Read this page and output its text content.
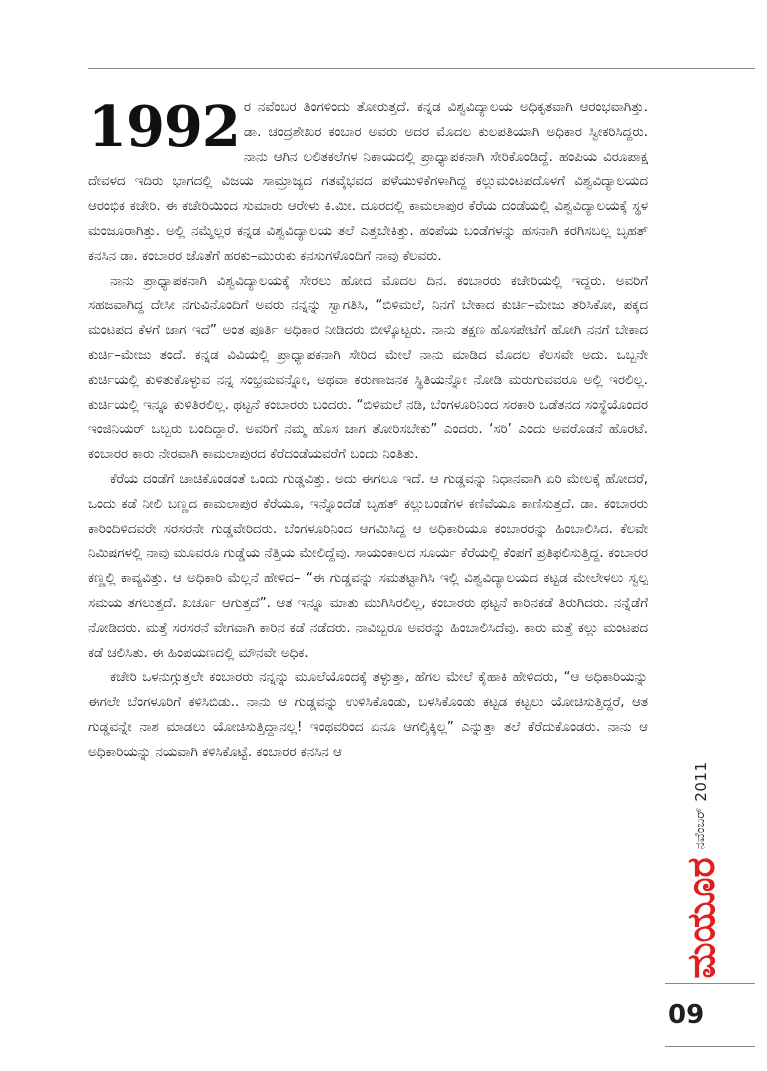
1992 ರ ನವೆಂಬರ ತಿಂಗಳಿಂದು ತೋರುತ್ತದೆ. ಕನ್ನಡ ವಿಶ್ವವಿದ್ಯಾಲಯ ಅಧಿಕೃತವಾಗಿ ಆರಂಭವಾಗಿತ್ತು. ಡಾ. ಚಂದ್ರಶೇಖರ ಕಂಬಾರ ಅವರು ಅದರ ಮೊದಲ ಕುಲಪತಿಯಾಗಿ ಅಧಿಕಾರ ಸ್ವೀಕರಿಸಿದ್ದರು. ನಾನು ಆಗಿನ ಲಲಿತಕಲೆಗಳ ನಿಕಾಯದಲ್ಲಿ ಪ್ರಾಧ್ಯಾಪಕನಾಗಿ ಸೇರಿಕೊಂಡಿದ್ದೆ. ಹಂಪಿಯ ವಿರೂಪಾಕ್ಷ ದೇವಳದ ಇದಿರು ಭಾಗದಲ್ಲಿ ವಿಜಯ ಸಾಮ್ರಾಜ್ಯದ ಗತವೈಭವದ ಪಳೆಯುಳಿಕೆಗಳಾಗಿದ್ದ ಕಲ್ಲುಮಂಟಪದೊಳಗೆ ವಿಶ್ವವಿದ್ಯಾಲಯದ ಆರಂಭಿಕ ಕಚೇರಿ. ಈ ಕಚೇರಿಯಿಂದ ಸುಮಾರು ಆರೇಳು ಕಿ.ಮೀ. ದೂರದಲ್ಲಿ ಕಾಮಲಾಪುರ ಕೆರೆಯ ದಂಡೆಯಲ್ಲಿ ವಿಶ್ವವಿದ್ಯಾಲಯಕ್ಕೆ ಸ್ಥಳ ಮಂಜೂರಾಗಿತ್ತು. ಅಲ್ಲಿ ನಮ್ಮೆಲ್ಲರ ಕನ್ನಡ ವಿಶ್ವವಿದ್ಯಾಲಯ ತಲೆ ಎತ್ತಬೇಕಿತ್ತು. ಹಂಪೆಯ ಬಂಡೆಗಳನ್ನು ಹಸನಾಗಿ ಕರಗಿಸಬಲ್ಲ ಬೃಹತ್ ಕನಸಿನ ಡಾ. ಕಂಬಾರರ ಜೊತೆಗೆ ಹರಕು–ಮುರುಕು ಕನಸುಗಳೊಂದಿಗೆ ನಾವು ಕೆಲವರು.

ನಾನು ಪ್ರಾಧ್ಯಾಪಕನಾಗಿ ವಿಶ್ವವಿದ್ಯಾಲಯಕ್ಕೆ ಸೇರಲು ಹೋದ ಮೊದಲ ದಿನ. ಕಂಬಾರರು ಕಚೇರಿಯಲ್ಲಿ ಇದ್ದರು. ಅವರಿಗೆ ಸಹಜವಾಗಿದ್ದ ದೇಸೀ ನಗುವಿನೊಂದಿಗೆ ಅವರು ನನ್ನನ್ನು ಸ್ವಾಗತಿಸಿ, “ಬಿಳಿಮಲೆ, ನಿನಗೆ ಬೇಕಾದ ಕುರ್ಚಿ–ಮೇಜು ತರಿಸಿಕೋ, ಪಕ್ಕದ ಮಂಟಪದ ಕೆಳಗೆ ಜಾಗ ಇದೆ” ಅಂತ ಪೂರ್ತಿ ಅಧಿಕಾರ ನೀಡಿದರು ಬೀಳ್ಕೊಟ್ಟರು. ನಾನು ತಕ್ಷಣ ಹೊಸಪೇಟೆಗೆ ಹೋಗಿ ನನಗೆ ಬೇಕಾದ ಕುರ್ಚಿ–ಮೇಜು ತಂದೆ. ಕನ್ನಡ ವಿವಿಯಲ್ಲಿ ಪ್ರಾಧ್ಯಾಪಕನಾಗಿ ಸೇರಿದ ಮೇಲೆ ನಾನು ಮಾಡಿದ ಮೊದಲ ಕೆಲಸವೇ ಅದು. ಒಬ್ಬನೇ ಕುರ್ಚಿಯಲ್ಲಿ ಕುಳಿತುಕೊಳ್ಳುವ ನನ್ನ ಸಂಭ್ರಮವನ್ನೋ, ಅಥವಾ ಕರುಣಾಜನಕ ಸ್ಥಿತಿಯನ್ನೋ ನೋಡಿ ಮರುಗುವವರೂ ಅಲ್ಲಿ ಇರಲಿಲ್ಲ. ಕುರ್ಚಿಯಲ್ಲಿ ಇನ್ನೂ ಕುಳಿತಿರಲಿಲ್ಲ. ಥಟ್ಟನೆ ಕಂಬಾರರು ಬಂದರು. “ಬಿಳಿಮಲೆ ನಡಿ, ಬೆಂಗಳೂರಿನಿಂದ ಸರಕಾರಿ ಒಡೆತನದ ಸಂಸ್ಥೆಯೊಂದರ ಇಂಜಿನಿಯರ್ ಒಬ್ಬರು ಬಂದಿದ್ದಾರೆ. ಅವರಿಗೆ ನಮ್ಮ ಹೊಸ ಜಾಗ ತೋರಿಸಬೇಕು” ಎಂದರು. ‘ಸರಿ’ ಎಂದು ಅವರೊಡನೆ ಹೊರಟೆ. ಕಂಬಾರರ ಕಾರು ನೇರವಾಗಿ ಕಾಮಲಾಪುರದ ಕೆರೆದಂಡೆಯವರೆಗೆ ಬಂದು ನಿಂತಿತು.

ಕೆರೆಯ ದಂಡೆಗೆ ಚಾಚಿಕೊಂಡಂತೆ ಒಂದು ಗುಡ್ಡವಿತ್ತು. ಅದು ಈಗಲೂ ಇದೆ. ಆ ಗುಡ್ಡವನ್ನು ನಿಧಾನವಾಗಿ ಏರಿ ಮೇಲಕ್ಕೆ ಹೋದರೆ, ಒಂದು ಕಡೆ ನೀಲಿ ಬಣ್ಣದ ಕಾಮಲಾಪುರ ಕೆರೆಯೂ, ಇನ್ನೊಂದೆಡೆ ಬೃಹತ್ ಕಲ್ಲುಬಂಡೆಗಳ ಕಣಿವೆಯೂ ಕಾಣಿಸುತ್ತದೆ. ಡಾ. ಕಂಬಾರರು ಕಾರಿಂದಿಳಿದವರೇ ಸರಸರನೇ ಗುಡ್ಡವೇರಿದರು. ಬೆಂಗಳೂರಿನಿಂದ ಆಗಮಿಸಿದ್ದ ಆ ಅಧಿಕಾರಿಯೂ ಕಂಬಾರರನ್ನು ಹಿಂಬಾಲಿಸಿದ. ಕೆಲವೇ ನಿಮಿಷಗಳಲ್ಲಿ ನಾವು ಮೂವರೂ ಗುಡ್ಡೆಯ ನೆತ್ತಿಯ ಮೇಲಿದ್ದೆವು. ಸಾಯಂಕಾಲದ ಸೂರ್ಯ ಕೆರೆಯಲ್ಲಿ ಕೆಂಪಗೆ ಪ್ರತಿಫಲಿಸುತ್ತಿದ್ದ. ಕಂಬಾರರ ಕಣ್ಣಲ್ಲಿ ಕಾವ್ಯವಿತ್ತು. ಆ ಅಧಿಕಾರಿ ಮೆಲ್ಲನೆ ಹೇಳಿದ– “ಈ ಗುಡ್ಡವನ್ನು ಸಮತಟ್ಟಾಗಿಸಿ ಇಲ್ಲಿ ವಿಶ್ವವಿದ್ಯಾಲಯದ ಕಟ್ಟಡ ಮೇಲೇಳಲು ಸ್ವಲ್ಪ ಸಮಯ ತಗಲುತ್ತದೆ. ಖರ್ಚೂ ಆಗುತ್ತದೆ”. ಆತ ಇನ್ನೂ ಮಾತು ಮುಗಿಸಿರಲಿಲ್ಲ, ಕಂಬಾರರು ಥಟ್ಟನೆ ಕಾರಿನಕಡೆ ತಿರುಗಿದರು. ನನ್ನೆಡೆಗೆ ನೋಡಿದರು. ಮತ್ತೆ ಸರಸರನೆ ವೇಗವಾಗಿ ಕಾರಿನ ಕಡೆ ನಡೆದರು. ನಾವಿಬ್ಬರೂ ಅವರನ್ನು ಹಿಂಬಾಲಿಸಿದೆವು. ಕಾರು ಮತ್ತೆ ಕಲ್ಲು ಮಂಟಪದ ಕಡೆ ಚಲಿಸಿತು. ಈ ಹಿಂಪಯಣದಲ್ಲಿ ಮೌನವೇ ಅಧಿಕ.

ಕಚೇರಿ ಒಳನುಗ್ಗುತ್ತಲೇ ಕಂಬಾರರು ನನ್ನನ್ನು ಮೂಲೆಯೊಂದಕ್ಕೆ ತಳ್ಳುತ್ತಾ, ಹೆಗಲ ಮೇಲೆ ಕೈಹಾಕಿ ಹೇಳಿದರು, “ಆ ಅಧಿಕಾರಿಯನ್ನು ಈಗಲೇ ಬೆಂಗಳೂರಿಗೆ ಕಳಿಸಿಬಿಡು.. ನಾನು ಆ ಗುಡ್ಡವನ್ನು ಉಳಿಸಿಕೊಂಡು, ಬಳಸಿಕೊಂಡು ಕಟ್ಟಡ ಕಟ್ಟಲು ಯೋಚಿಸುತ್ತಿದ್ದರೆ, ಆತ ಗುಡ್ಡವನ್ನೇ ನಾಶ ಮಾಡಲು ಯೋಚಿಸುತ್ತಿದ್ದಾನಲ್ಲ! ಇಂಥವರಿಂದ ಏನೂ ಆಗಲ್ಕಿಕ್ಕಿಲ್ಲ” ಎನ್ನುತ್ತಾ ತಲೆ ಕೆರೆದುಕೊಂಡರು. ನಾನು ಆ ಅಧಿಕಾರಿಯನ್ನು ನಯವಾಗಿ ಕಳಿಸಿಕೊಟ್ಟೆ. ಕಂಬಾರರ ಕನಸಿನ ಆ

ಮಯೂರ
ನವೆಂಬರ್
2011
09
